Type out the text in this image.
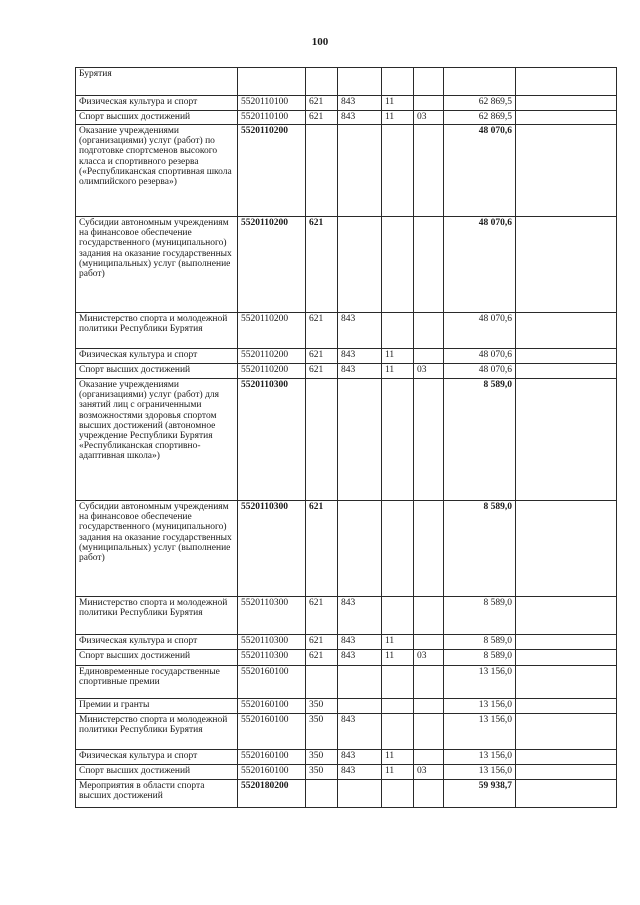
100
Бурятия							
Физическая культура и спорт	5520110100	621	843	11		62 869,5	
Спорт высших достижений	5520110100	621	843	11	03	62 869,5	
Оказание учреждениями (организациями) услуг (работ) по подготовке спортсменов высокого класса и спортивного резерва («Республиканская спортивная школа олимпийского резерва»)	5520110200					48 070,6	
Субсидии автономным учреждениям на финансовое обеспечение государственного (муниципального) задания на оказание государственных (муниципальных) услуг (выполнение работ)	5520110200	621				48 070,6	
Министерство спорта и молодежной политики Республики Бурятия	5520110200	621	843			48 070,6	
Физическая культура и спорт	5520110200	621	843	11		48 070,6	
Спорт высших достижений	5520110200	621	843	11	03	48 070,6	
Оказание учреждениями (организациями) услуг (работ) для занятий лиц с ограниченными возможностями здоровья спортом высших достижений (автономное учреждение Республики Бурятия «Республиканская спортивно-адаптивная школа»)	5520110300					8 589,0	
Субсидии автономным учреждениям на финансовое обеспечение государственного (муниципального) задания на оказание государственных (муниципальных) услуг (выполнение работ)	5520110300	621				8 589,0	
Министерство спорта и молодежной политики Республики Бурятия	5520110300	621	843			8 589,0	
Физическая культура и спорт	5520110300	621	843	11		8 589,0	
Спорт высших достижений	5520110300	621	843	11	03	8 589,0	
Единовременные государственные спортивные премии	5520160100					13 156,0	
Премии и гранты	5520160100	350				13 156,0	
Министерство спорта и молодежной политики Республики Бурятия	5520160100	350	843			13 156,0	
Физическая культура и спорт	5520160100	350	843	11		13 156,0	
Спорт высших достижений	5520160100	350	843	11	03	13 156,0	
Мероприятия в области спорта высших достижений	5520180200					59 938,7	
